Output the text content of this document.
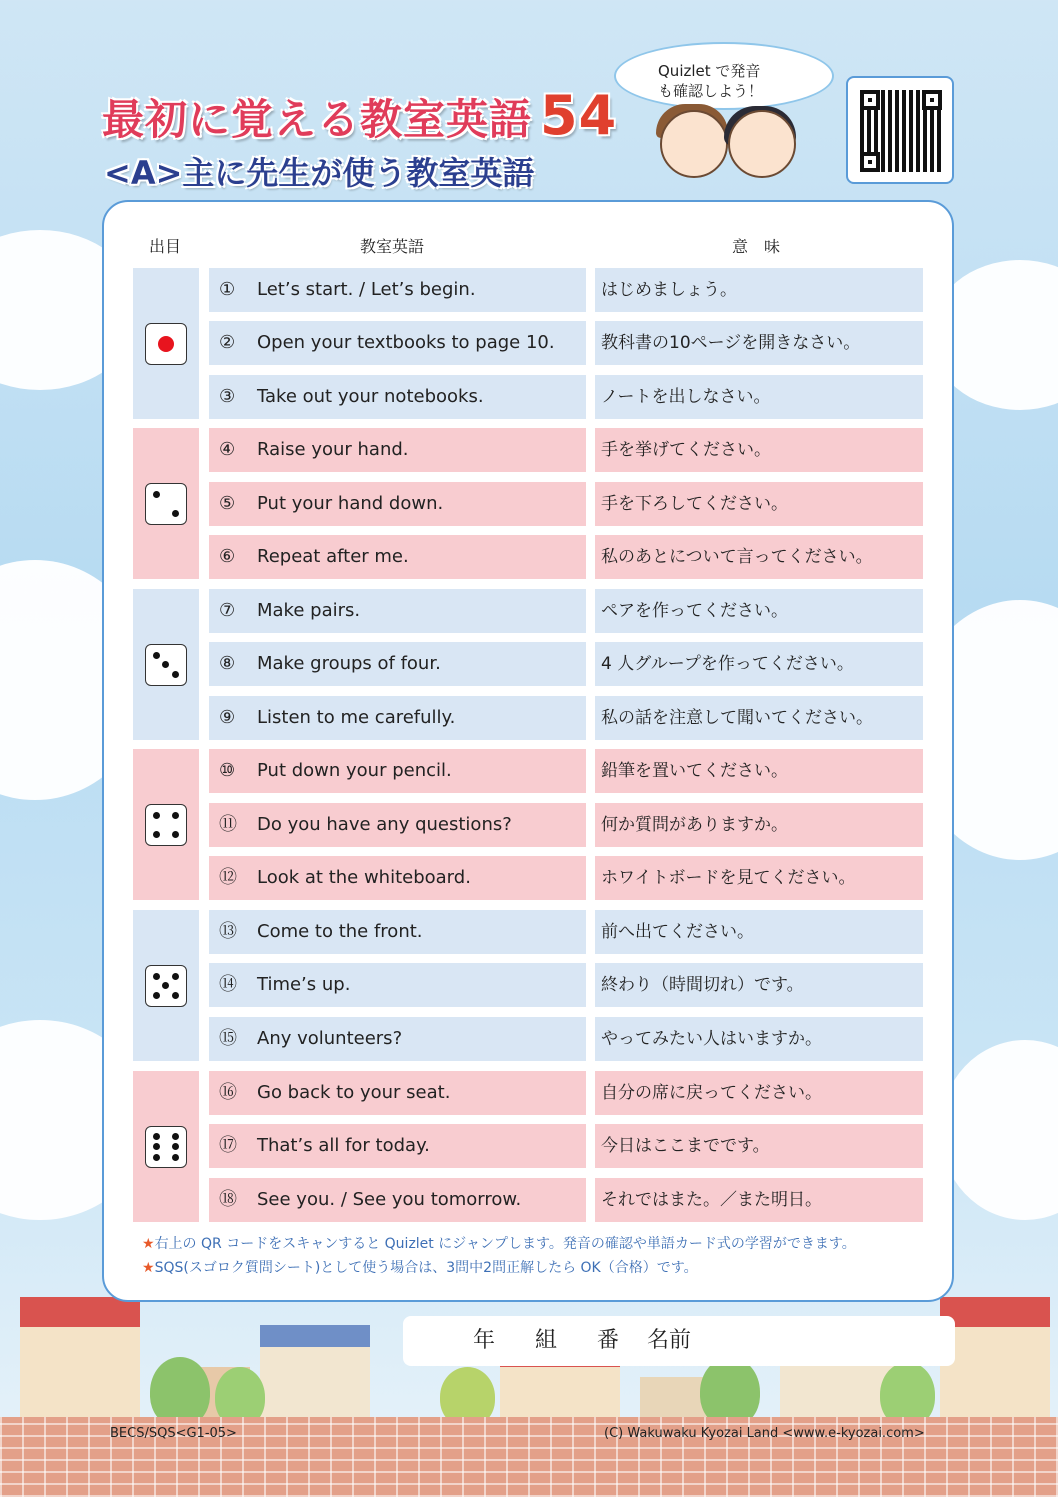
最初に覚える教室英語 54
<A>主に先生が使う教室英語
Quizlet で発音
も確認しよう！
出目	教室英語	意　味
① Let’s start. / Let’s begin.	はじめましょう。
② Open your textbooks to page 10.	教科書の10ページを開きなさい。
③ Take out your notebooks.	ノートを出しなさい。
④ Raise your hand.	手を挙げてください。
⑤ Put your hand down.	手を下ろしてください。
⑥ Repeat after me.	私のあとについて言ってください。
⑦ Make pairs.	ペアを作ってください。
⑧ Make groups of four.	4 人グループを作ってください。
⑨ Listen to me carefully.	私の話を注意して聞いてください。
⑩ Put down your pencil.	鉛筆を置いてください。
⑪ Do you have any questions?	何か質問がありますか。
⑫ Look at the whiteboard.	ホワイトボードを見てください。
⑬ Come to the front.	前へ出てください。
⑭ Time’s up.	終わり（時間切れ）です。
⑮ Any volunteers?	やってみたい人はいますか。
⑯ Go back to your seat.	自分の席に戻ってください。
⑰ That’s all for today.	今日はここまでです。
⑱ See you. / See you tomorrow.	それではまた。／また明日。
★右上の QR コードをスキャンすると Quizlet にジャンプします。発音の確認や単語カード式の学習ができます。
★SQS(スゴロク質問シート)として使う場合は、3問中2問正解したら OK（合格）です。
年 組 番 名前
BECS/SQS<G1-05>	(C) Wakuwaku Kyozai Land <www.e-kyozai.com>
